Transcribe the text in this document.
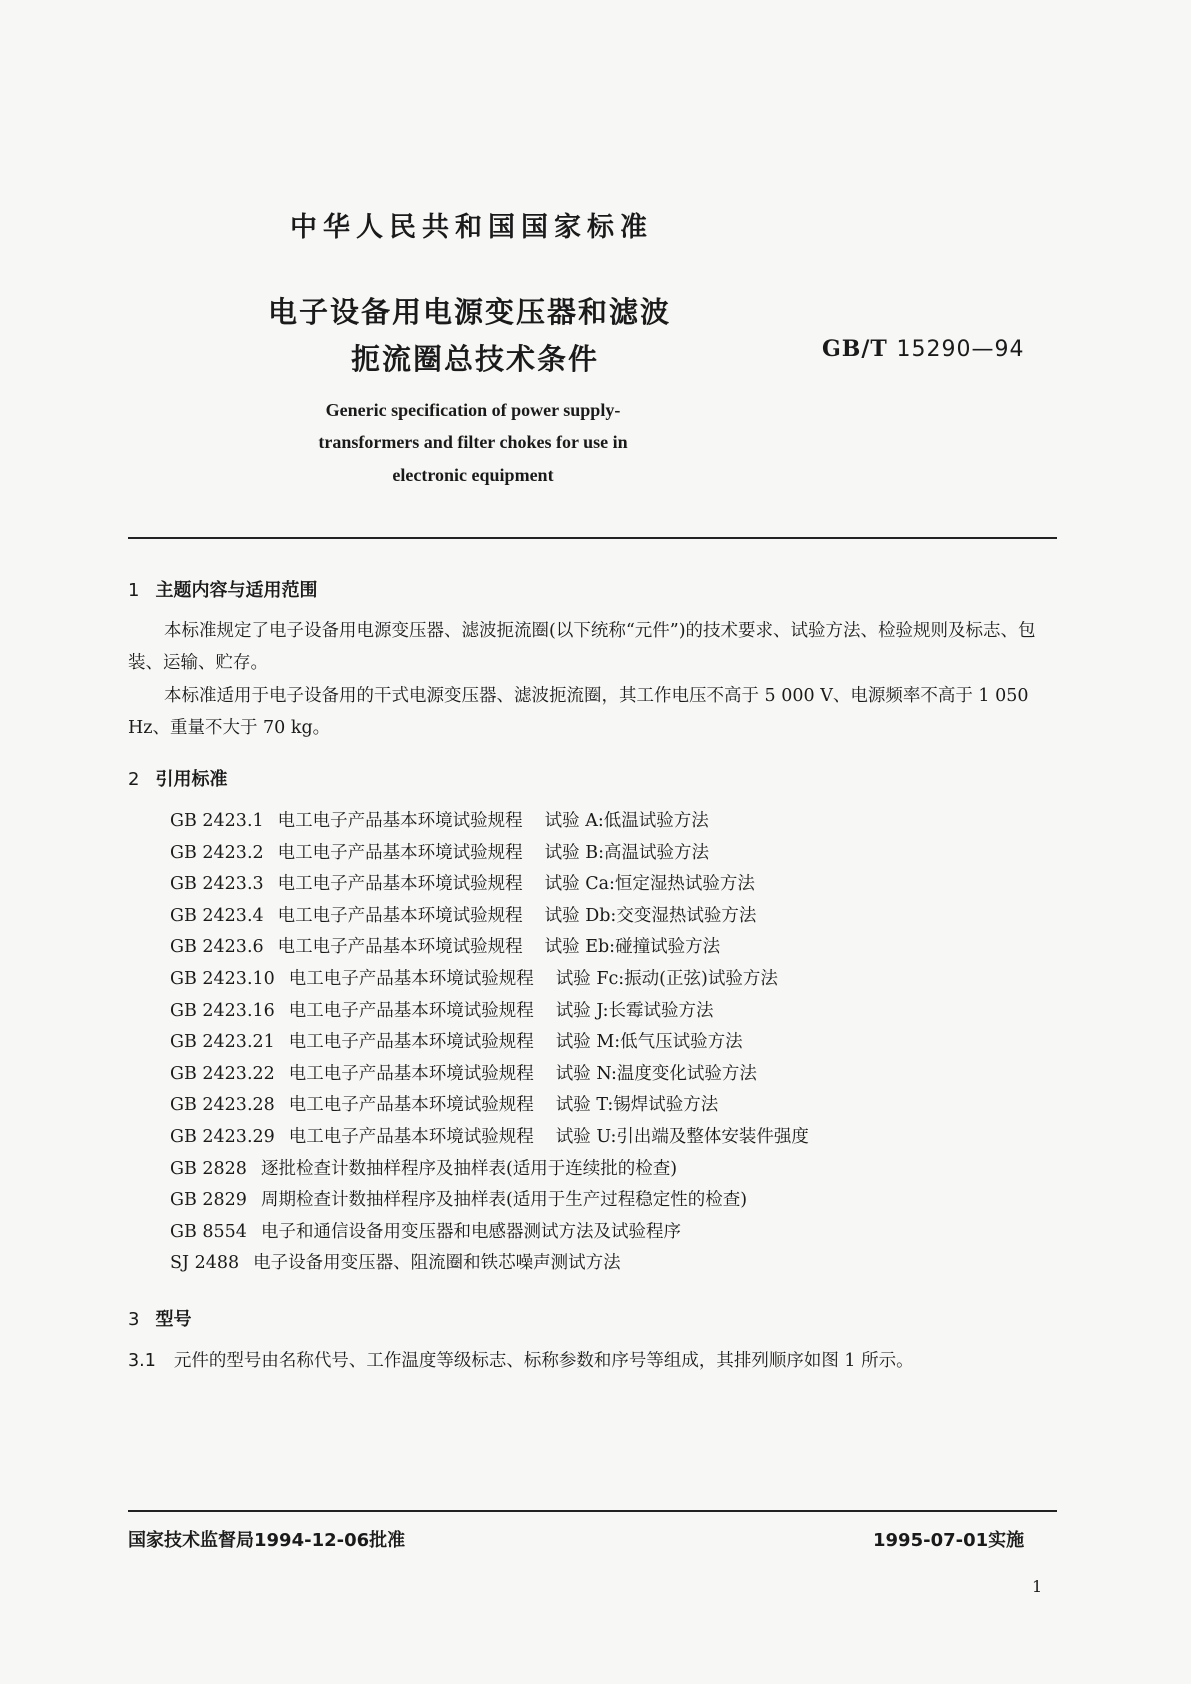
中华人民共和国国家标准
电子设备用电源变压器和滤波
扼流圈总技术条件	GB/T 15290—94
Generic specification of power supply-
transformers and filter chokes for use in
electronic equipment
1 主题内容与适用范围
本标准规定了电子设备用电源变压器、滤波扼流圈(以下统称“元件”)的技术要求、试验方法、检验规则及标志、包装、运输、贮存。
本标准适用于电子设备用的干式电源变压器、滤波扼流圈，其工作电压不高于 5 000 V、电源频率不高于 1 050 Hz、重量不大于 70 kg。
2 引用标准
GB 2423.1 电工电子产品基本环境试验规程 试验 A:低温试验方法
GB 2423.2 电工电子产品基本环境试验规程 试验 B:高温试验方法
GB 2423.3 电工电子产品基本环境试验规程 试验 Ca:恒定湿热试验方法
GB 2423.4 电工电子产品基本环境试验规程 试验 Db:交变湿热试验方法
GB 2423.6 电工电子产品基本环境试验规程 试验 Eb:碰撞试验方法
GB 2423.10 电工电子产品基本环境试验规程 试验 Fc:振动(正弦)试验方法
GB 2423.16 电工电子产品基本环境试验规程 试验 J:长霉试验方法
GB 2423.21 电工电子产品基本环境试验规程 试验 M:低气压试验方法
GB 2423.22 电工电子产品基本环境试验规程 试验 N:温度变化试验方法
GB 2423.28 电工电子产品基本环境试验规程 试验 T:锡焊试验方法
GB 2423.29 电工电子产品基本环境试验规程 试验 U:引出端及整体安装件强度
GB 2828 逐批检查计数抽样程序及抽样表(适用于连续批的检查)
GB 2829 周期检查计数抽样程序及抽样表(适用于生产过程稳定性的检查)
GB 8554 电子和通信设备用变压器和电感器测试方法及试验程序
SJ 2488 电子设备用变压器、阻流圈和铁芯噪声测试方法
3 型号
3.1 元件的型号由名称代号、工作温度等级标志、标称参数和序号等组成，其排列顺序如图 1 所示。
国家技术监督局1994-12-06批准	1995-07-01实施
1
